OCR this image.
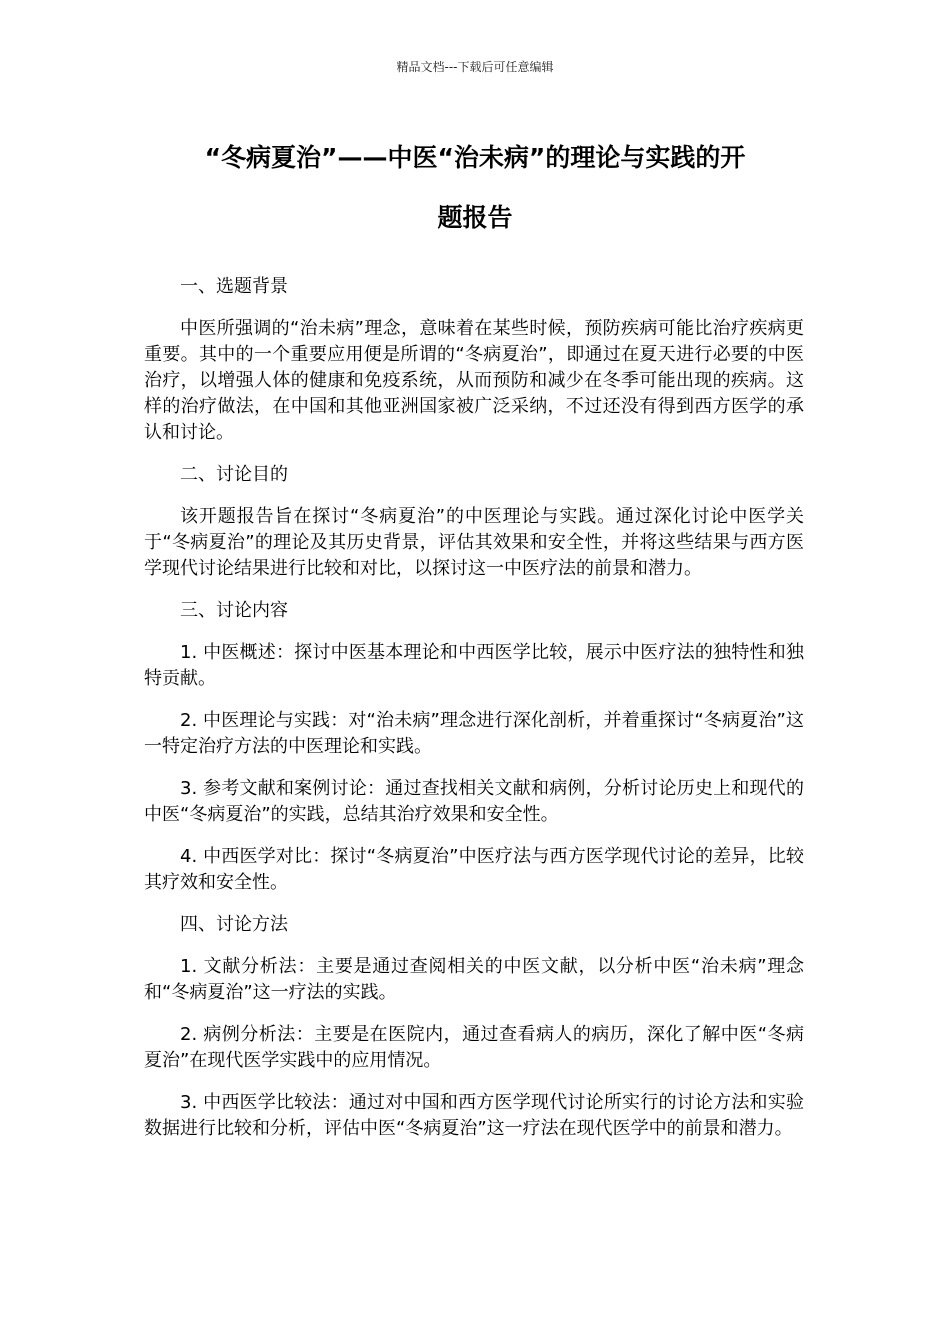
精品文档---下载后可任意编辑
“冬病夏治”——中医“治未病”的理论与实践的开
题报告

一、选题背景

中医所强调的“治未病”理念，意味着在某些时候，预防疾病可能比治疗疾病更重要。其中的一个重要应用便是所谓的“冬病夏治”，即通过在夏天进行必要的中医治疗，以增强人体的健康和免疫系统，从而预防和减少在冬季可能出现的疾病。这样的治疗做法，在中国和其他亚洲国家被广泛采纳，不过还没有得到西方医学的承认和讨论。

二、讨论目的

该开题报告旨在探讨“冬病夏治”的中医理论与实践。通过深化讨论中医学关于“冬病夏治”的理论及其历史背景，评估其效果和安全性，并将这些结果与西方医学现代讨论结果进行比较和对比，以探讨这一中医疗法的前景和潜力。

三、讨论内容

1. 中医概述：探讨中医基本理论和中西医学比较，展示中医疗法的独特性和独特贡献。

2. 中医理论与实践：对“治未病”理念进行深化剖析，并着重探讨“冬病夏治”这一特定治疗方法的中医理论和实践。

3. 参考文献和案例讨论：通过查找相关文献和病例，分析讨论历史上和现代的中医“冬病夏治”的实践，总结其治疗效果和安全性。

4. 中西医学对比：探讨“冬病夏治”中医疗法与西方医学现代讨论的差异，比较其疗效和安全性。

四、讨论方法

1. 文献分析法：主要是通过查阅相关的中医文献，以分析中医“治未病”理念和“冬病夏治”这一疗法的实践。

2. 病例分析法：主要是在医院内，通过查看病人的病历，深化了解中医“冬病夏治”在现代医学实践中的应用情况。

3. 中西医学比较法：通过对中国和西方医学现代讨论所实行的讨论方法和实验数据进行比较和分析，评估中医“冬病夏治”这一疗法在现代医学中的前景和潜力。
